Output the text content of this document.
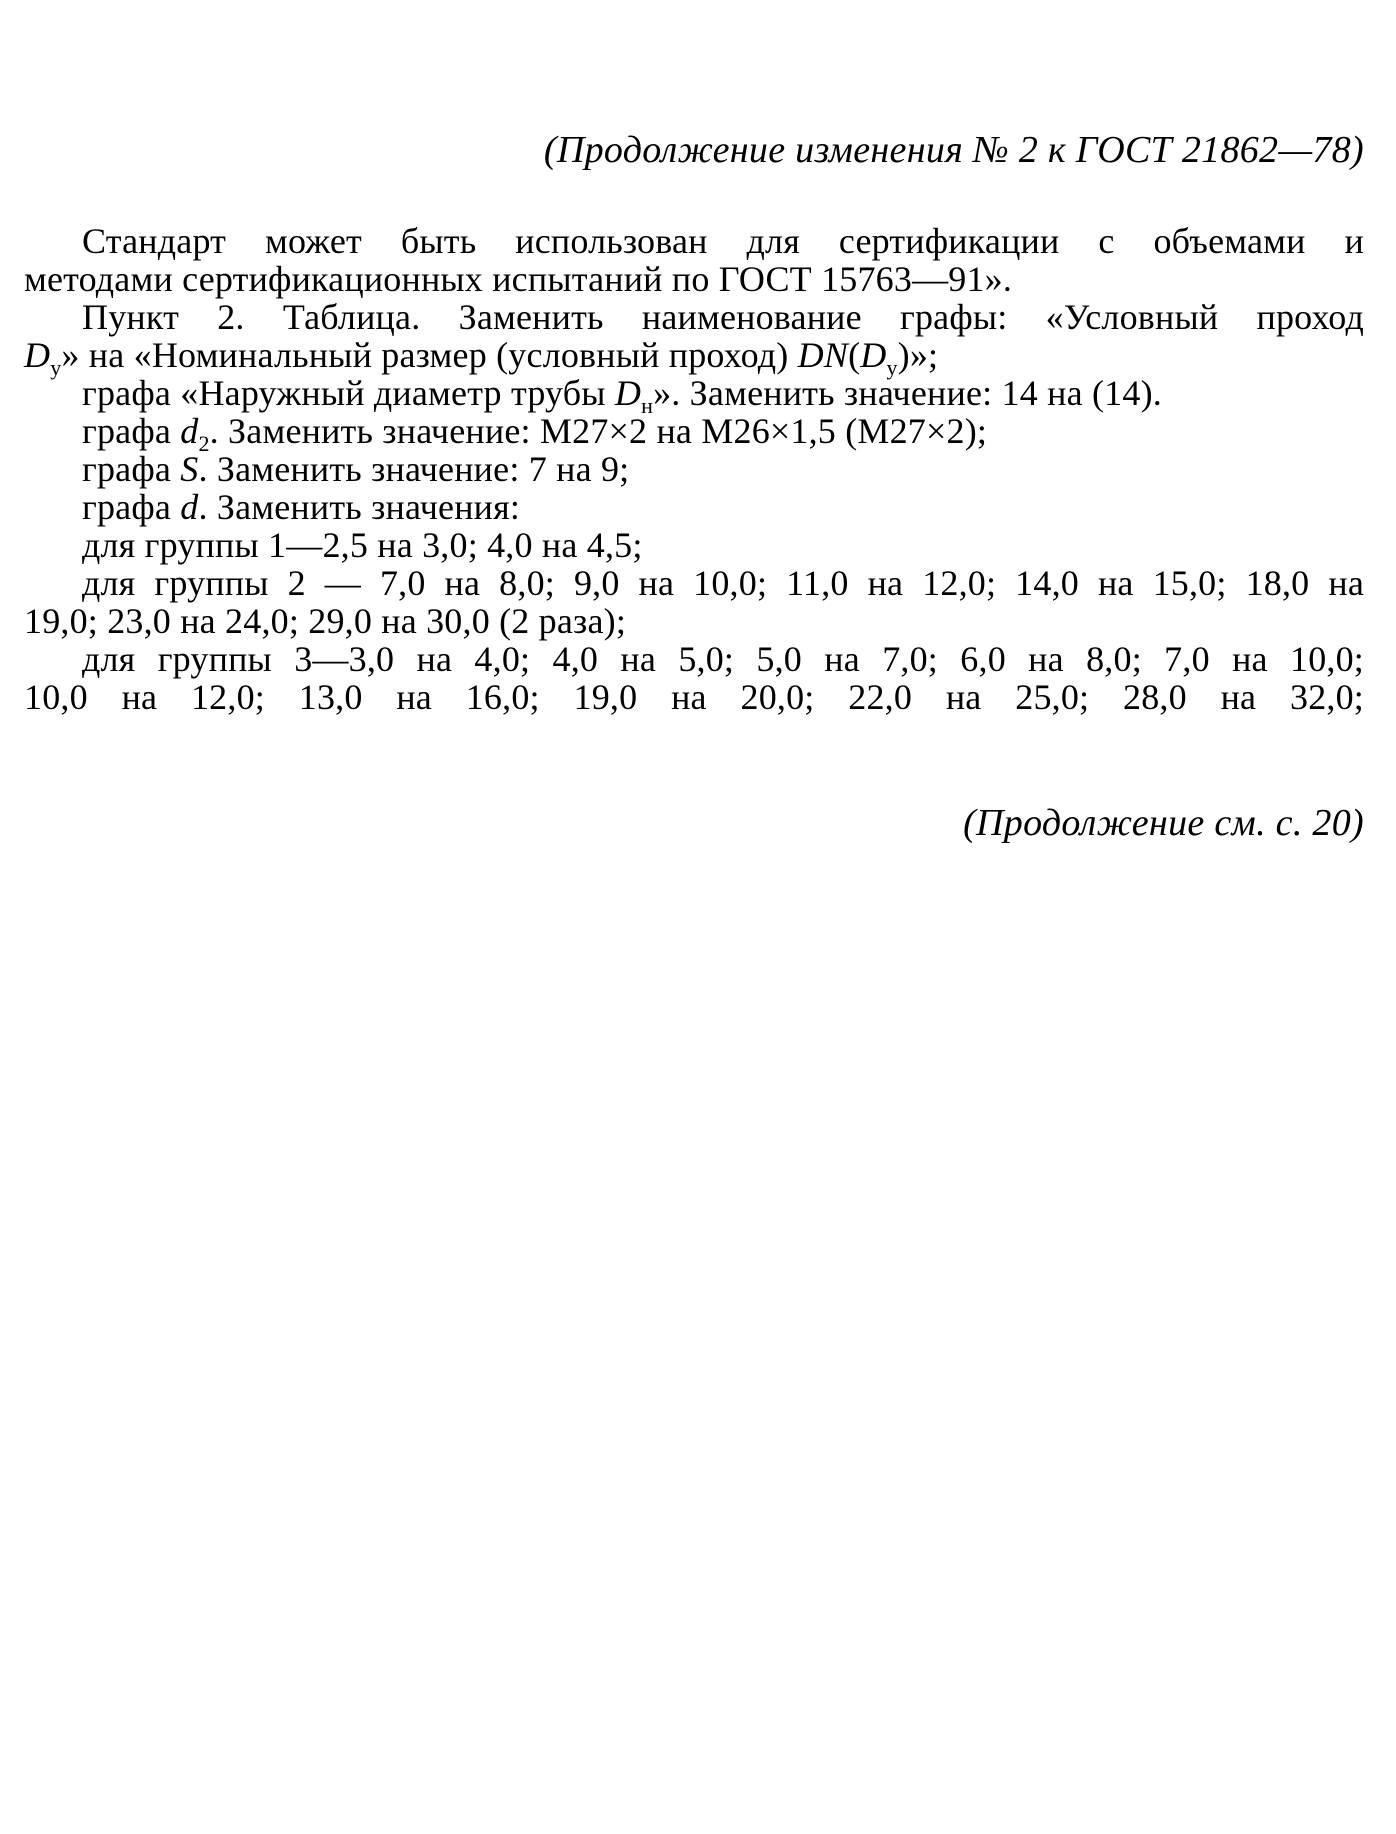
(Продолжение изменения № 2 к ГОСТ 21862—78)

Стандарт может быть использован для сертификации с объемами и

методами сертификационных испытаний по ГОСТ 15763—91».

Пункт 2. Таблица. Заменить наименование графы: «Условный проход

$D_у$» на «Номинальный размер (условный проход) $DN(D_у)$»;

графа «Наружный диаметр трубы $D_н$». Заменить значение: 14 на (14).

графа $d_2$. Заменить значение: М27×2 на М26×1,5 (М27×2);

графа S. Заменить значение: 7 на 9;

графа d. Заменить значения:

для группы 1—2,5 на 3,0; 4,0 на 4,5;

для группы 2 — 7,0 на 8,0; 9,0 на 10,0; 11,0 на 12,0; 14,0 на 15,0; 18,0 на

19,0; 23,0 на 24,0; 29,0 на 30,0 (2 раза);

для группы 3—3,0 на 4,0; 4,0 на 5,0; 5,0 на 7,0; 6,0 на 8,0; 7,0 на 10,0;

10,0 на 12,0; 13,0 на 16,0; 19,0 на 20,0; 22,0 на 25,0; 28,0 на 32,0;

(Продолжение см. с. 20)
